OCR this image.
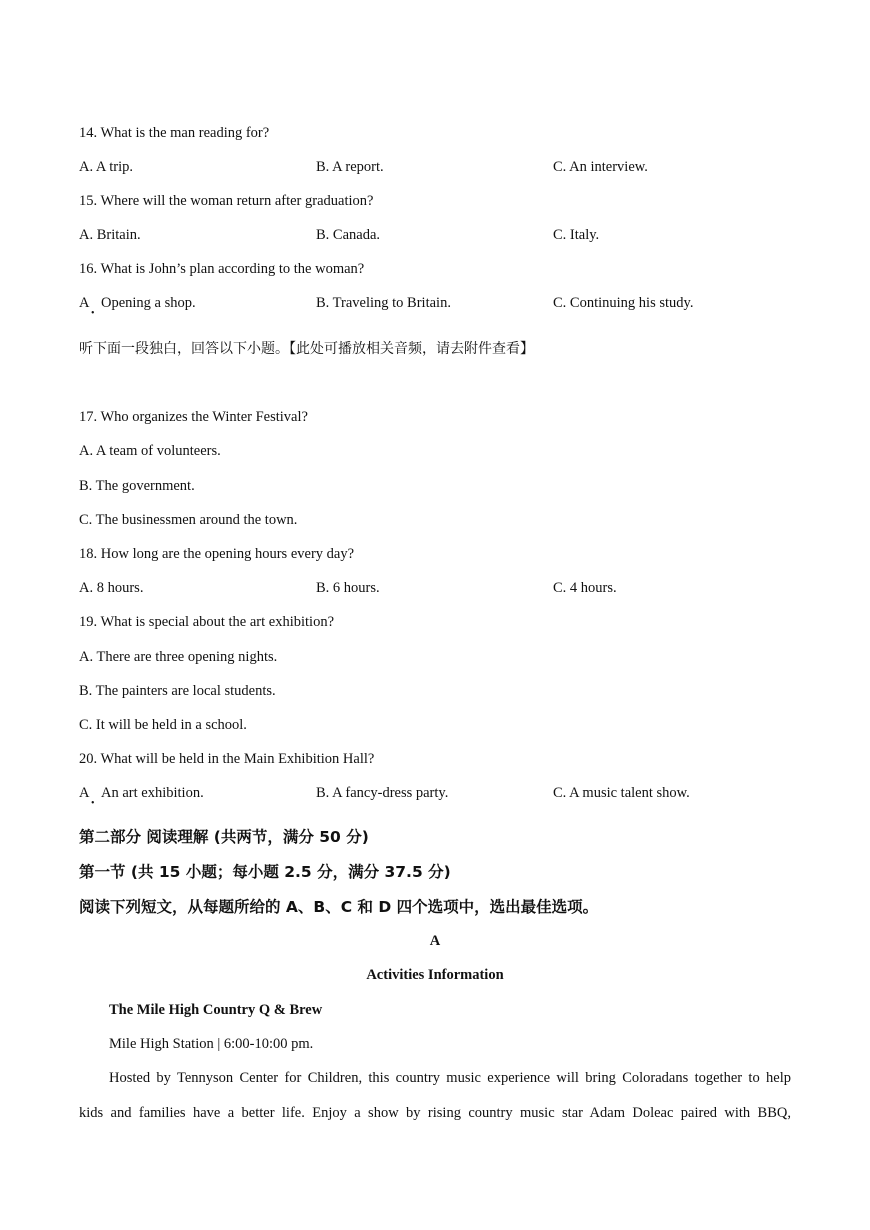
14. What is the man reading for?
A. A trip.	B. A report.	C. An interview.
15. Where will the woman return after graduation?
A. Britain.	B. Canada.	C. Italy.
16. What is John’s plan according to the woman?
A
•
Opening a shop.	B. Traveling to Britain.	C. Continuing his study.
听下面一段独白，回答以下小题。【此处可播放相关音频，请去附件查看】
17. Who organizes the Winter Festival?
A. A team of volunteers.
B. The government.
C. The businessmen around the town.
18. How long are the opening hours every day?
A. 8 hours.	B. 6 hours.	C. 4 hours.
19. What is special about the art exhibition?
A. There are three opening nights.
B. The painters are local students.
C. It will be held in a school.
20. What will be held in the Main Exhibition Hall?
A
•
An art exhibition.	B. A fancy-dress party.	C. A music talent show.
第二部分 阅读理解 (共两节，满分 50 分)
第一节 (共 15 小题；每小题 2.5 分，满分 37.5 分)
阅读下列短文，从每题所给的 A、B、C 和 D 四个选项中，选出最佳选项。
A
Activities Information
The Mile High Country Q & Brew
Mile High Station | 6:00-10:00 pm.
Hosted by Tennyson Center for Children, this country music experience will bring Coloradans together to help
kids and families have a better life. Enjoy a show by rising country music star Adam Doleac paired with BBQ,
